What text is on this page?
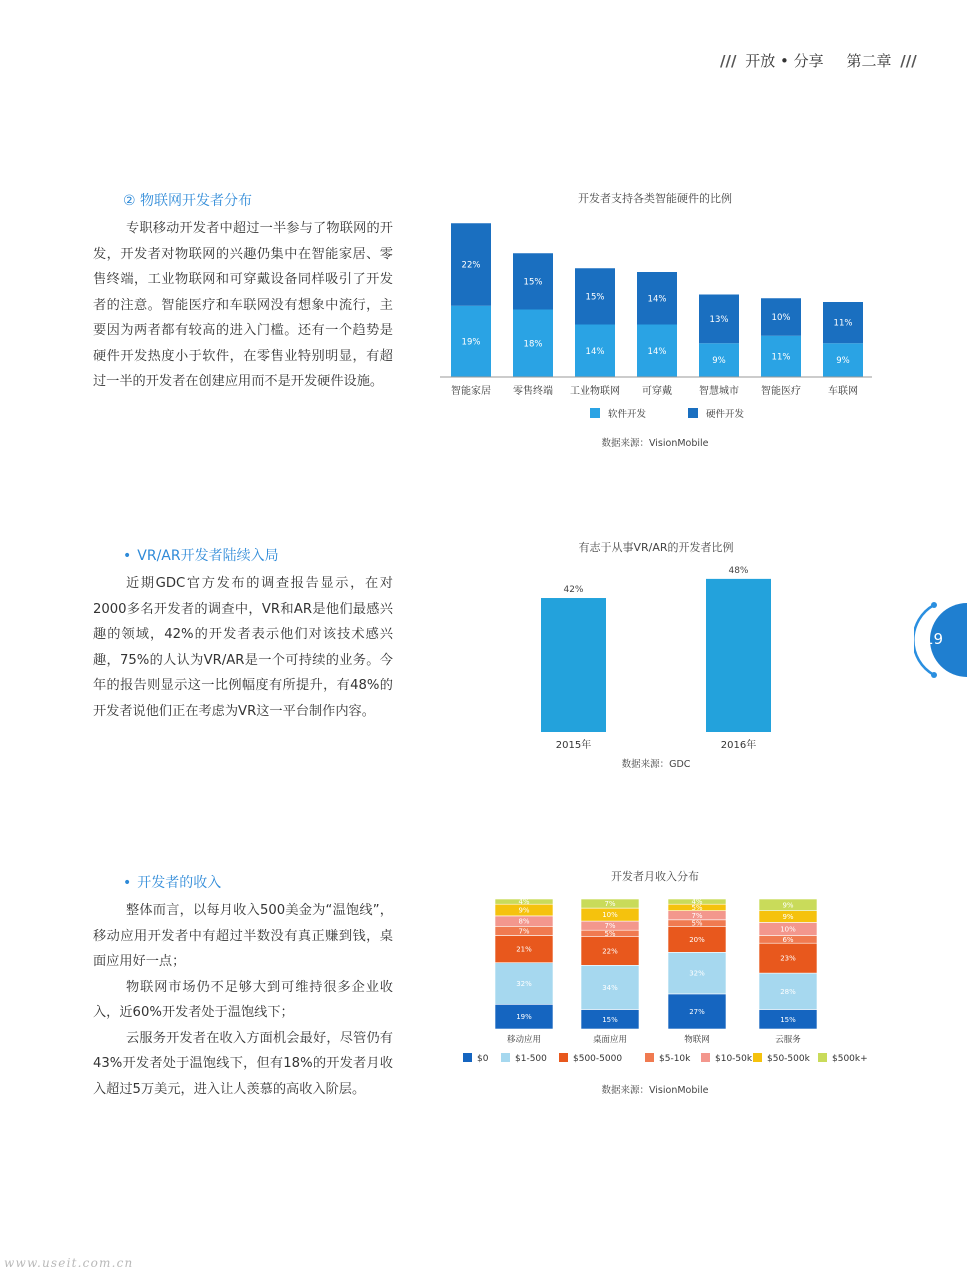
/// 开放 • 分享 第二章 ///
② 物联网开发者分布

专职移动开发者中超过一半参与了物联网的开发，开发者对物联网的兴趣仍集中在智能家居、零售终端，工业物联网和可穿戴设备同样吸引了开发者的注意。智能医疗和车联网没有想象中流行，主要因为两者都有较高的进入门槛。还有一个趋势是硬件开发热度小于软件，在零售业特别明显，有超过一半的开发者在创建应用而不是开发硬件设施。

开发者支持各类智能硬件的比例
19%
22%
智能家居
18%
15%
零售终端
14%
15%
工业物联网
14%
14%
可穿戴
9%
13%
智慧城市
11%
10%
智能医疗
9%
11%
车联网
软件开发	硬件开发
数据来源：VisionMobile
• VR/AR开发者陆续入局

近期GDC官方发布的调查报告显示，在对2000多名开发者的调查中，VR和AR是他们最感兴趣的领域，42%的开发者表示他们对该技术感兴趣，75%的人认为VR/AR是一个可持续的业务。今年的报告则显示这一比例幅度有所提升，有48%的开发者说他们正在考虑为VR这一平台制作内容。

有志于从事VR/AR的开发者比例
42%
2015年
48%
2016年
数据来源：GDC
19
• 开发者的收入

整体而言，以每月收入500美金为“温饱线”，移动应用开发者中有超过半数没有真正赚到钱，桌面应用好一点；

物联网市场仍不足够大到可维持很多企业收入，近60%开发者处于温饱线下；

云服务开发者在收入方面机会最好，尽管仍有43%开发者处于温饱线下，但有18%的开发者月收入超过5万美元，进入让人羡慕的高收入阶层。

开发者月收入分布
19%
32%
21%
7%
8%
9%
4%
移动应用
15%
34%
22%
5%
7%
10%
7%
桌面应用
27%
32%
20%
5%
7%
5%
4%
物联网
15%
28%
23%
6%
10%
9%
9%
云服务
$0	$1-500	$500-5000	$5-10k	$10-50k $50-500k $500k+
数据来源：VisionMobile
www.useit.com.cn
